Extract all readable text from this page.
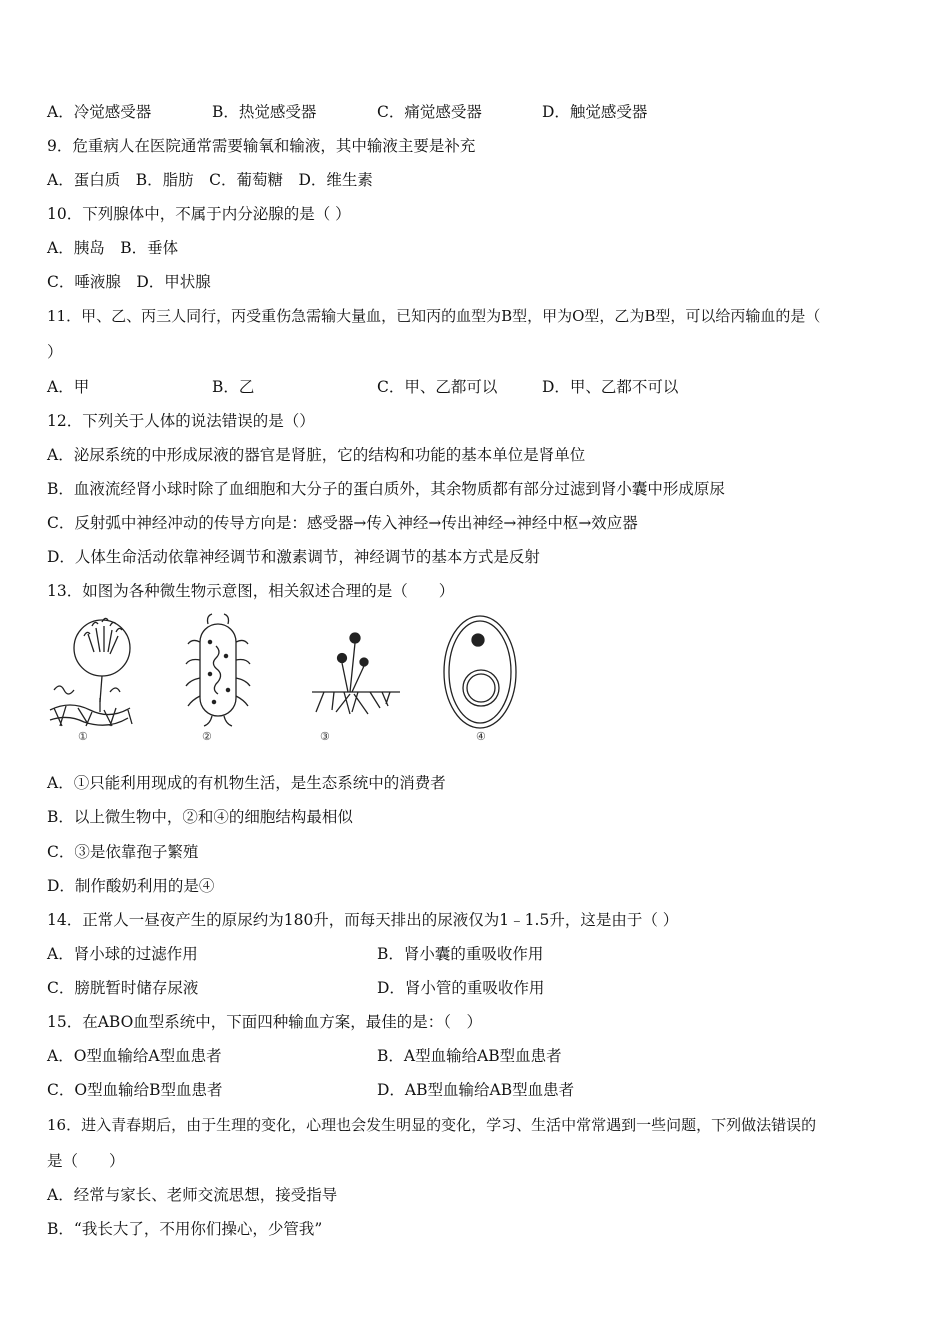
A．冷觉感受器	B．热觉感受器	C．痛觉感受器	D．触觉感受器
9．危重病人在医院通常需要输氧和输液，其中输液主要是补充
A．蛋白质　B．脂肪　C．葡萄糖　D．维生素
10．下列腺体中，不属于内分泌腺的是（ ）
A．胰岛　B．垂体
C．唾液腺　D．甲状腺
11．甲、乙、丙三人同行，丙受重伤急需输大量血，已知丙的血型为B型，甲为O型，乙为B型，可以给丙输血的是（
）
A．甲	B．乙	C．甲、乙都可以	D．甲、乙都不可以
12．下列关于人体的说法错误的是（）
A．泌尿系统的中形成尿液的器官是肾脏，它的结构和功能的基本单位是肾单位
B．血液流经肾小球时除了血细胞和大分子的蛋白质外，其余物质都有部分过滤到肾小囊中形成原尿
C．反射弧中神经冲动的传导方向是：感受器→传入神经→传出神经→神经中枢→效应器
D．人体生命活动依靠神经调节和激素调节，神经调节的基本方式是反射
13．如图为各种微生物示意图，相关叙述合理的是（　　）
①	②	③	④
A．①只能利用现成的有机物生活，是生态系统中的消费者
B．以上微生物中，②和④的细胞结构最相似
C．③是依靠孢子繁殖
D．制作酸奶利用的是④
14．正常人一昼夜产生的原尿约为180升，而每天排出的尿液仅为1﹣1.5升，这是由于（ ）
A．肾小球的过滤作用	B．肾小囊的重吸收作用
C．膀胱暂时储存尿液	D．肾小管的重吸收作用
15．在ABO血型系统中，下面四种输血方案，最佳的是：（　）
A．O型血输给A型血患者	B．A型血输给AB型血患者
C．O型血输给B型血患者	D．AB型血输给AB型血患者
16．进入青春期后，由于生理的变化，心理也会发生明显的变化，学习、生活中常常遇到一些问题，下列做法错误的
是（　　）
A．经常与家长、老师交流思想，接受指导
B．“我长大了，不用你们操心，少管我”
